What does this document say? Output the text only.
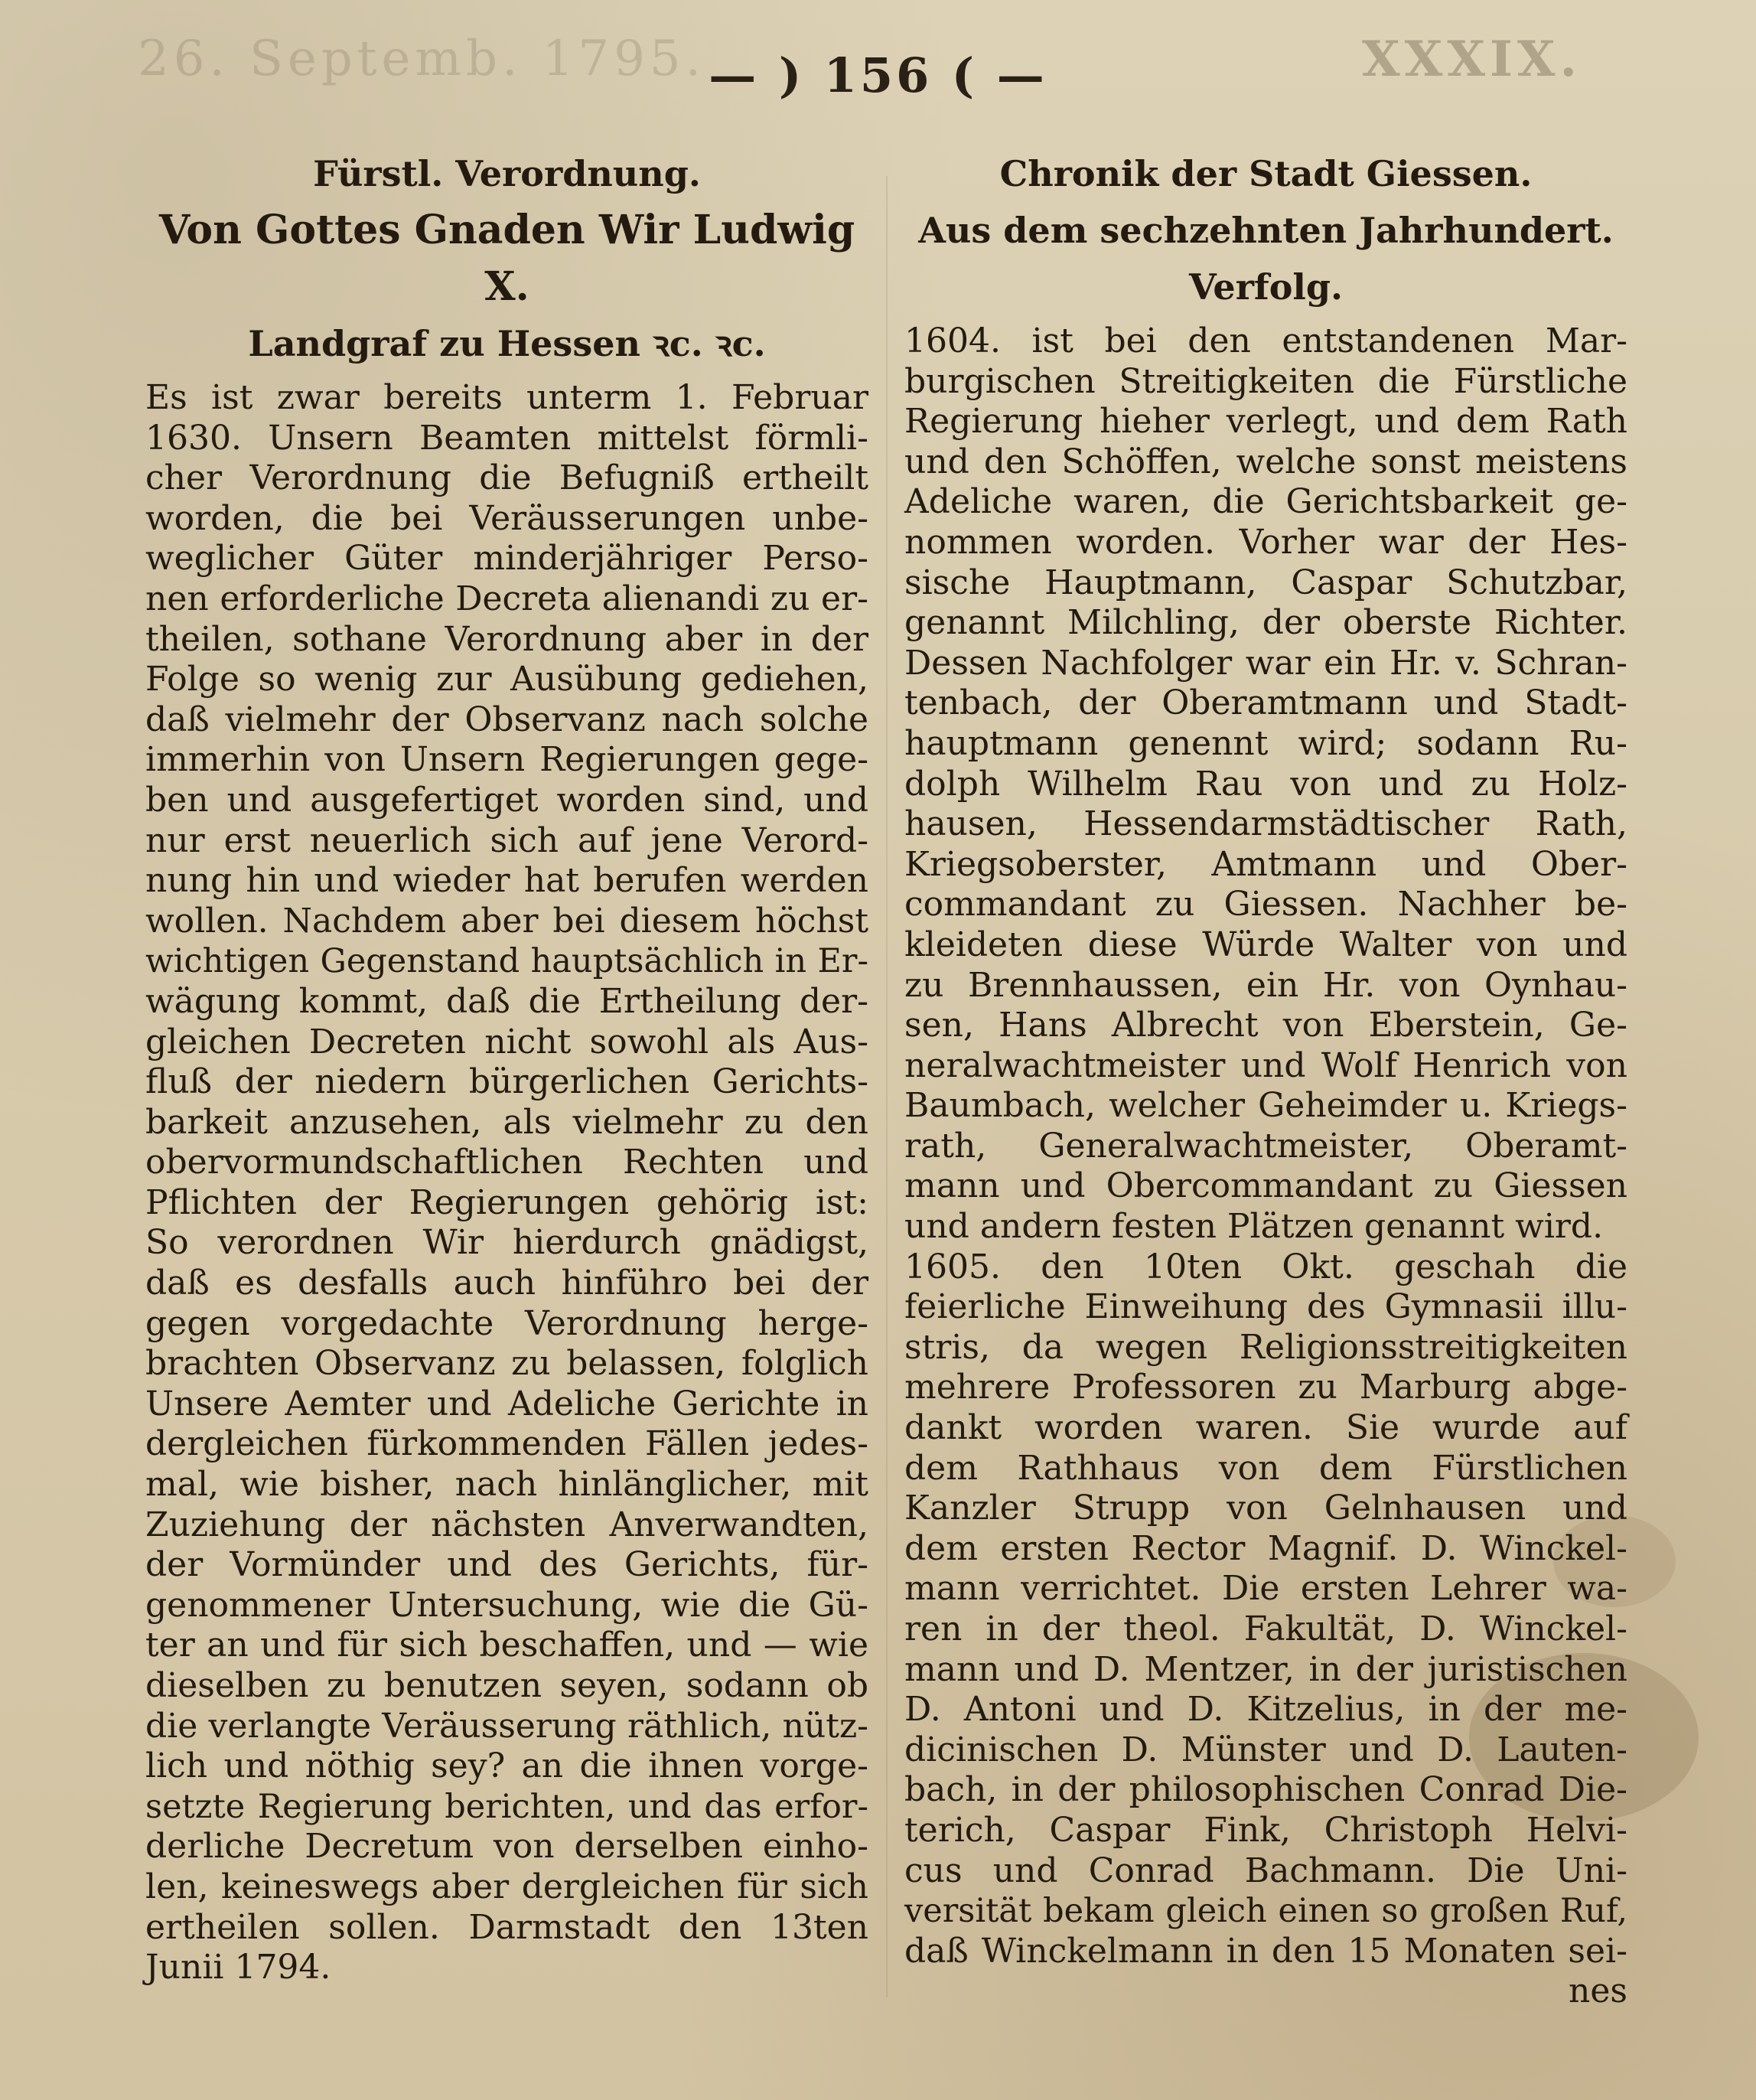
26. Septemb. 1795.	XXXIX.
— ) 156 ( —
Fürstl. Verordnung.
Von Gottes Gnaden Wir Ludwig X.
Landgraf zu Hessen ꝛc. ꝛc.
Es ist zwar bereits unterm 1. Februar
1630. Unsern Beamten mittelst förmli-
cher Verordnung die Befugniß ertheilt
worden, die bei Veräusserungen unbe-
weglicher Güter minderjähriger Perso-
nen erforderliche Decreta alienandi zu er-
theilen, sothane Verordnung aber in der
Folge so wenig zur Ausübung gediehen,
daß vielmehr der Observanz nach solche
immerhin von Unsern Regierungen gege-
ben und ausgefertiget worden sind, und
nur erst neuerlich sich auf jene Verord-
nung hin und wieder hat berufen werden
wollen. Nachdem aber bei diesem höchst
wichtigen Gegenstand hauptsächlich in Er-
wägung kommt, daß die Ertheilung der-
gleichen Decreten nicht sowohl als Aus-
fluß der niedern bürgerlichen Gerichts-
barkeit anzusehen, als vielmehr zu den
obervormundschaftlichen Rechten und
Pflichten der Regierungen gehörig ist:
So verordnen Wir hierdurch gnädigst,
daß es desfalls auch hinführo bei der
gegen vorgedachte Verordnung herge-
brachten Observanz zu belassen, folglich
Unsere Aemter und Adeliche Gerichte in
dergleichen fürkommenden Fällen jedes-
mal, wie bisher, nach hinlänglicher, mit
Zuziehung der nächsten Anverwandten,
der Vormünder und des Gerichts, für-
genommener Untersuchung, wie die Gü-
ter an und für sich beschaffen, und — wie
dieselben zu benutzen seyen, sodann ob
die verlangte Veräusserung räthlich, nütz-
lich und nöthig sey? an die ihnen vorge-
setzte Regierung berichten, und das erfor-
derliche Decretum von derselben einho-
len, keineswegs aber dergleichen für sich
ertheilen sollen. Darmstadt den 13ten
Junii 1794.
Chronik der Stadt Giessen.
Aus dem sechzehnten Jahrhundert.
Verfolg.
1604. ist bei den entstandenen Mar-
burgischen Streitigkeiten die Fürstliche
Regierung hieher verlegt, und dem Rath
und den Schöffen, welche sonst meistens
Adeliche waren, die Gerichtsbarkeit ge-
nommen worden. Vorher war der Hes-
sische Hauptmann, Caspar Schutzbar,
genannt Milchling, der oberste Richter.
Dessen Nachfolger war ein Hr. v. Schran-
tenbach, der Oberamtmann und Stadt-
hauptmann genennt wird; sodann Ru-
dolph Wilhelm Rau von und zu Holz-
hausen, Hessendarmstädtischer Rath,
Kriegsoberster, Amtmann und Ober-
commandant zu Giessen. Nachher be-
kleideten diese Würde Walter von und
zu Brennhaussen, ein Hr. von Oynhau-
sen, Hans Albrecht von Eberstein, Ge-
neralwachtmeister und Wolf Henrich von
Baumbach, welcher Geheimder u. Kriegs-
rath, Generalwachtmeister, Oberamt-
mann und Obercommandant zu Giessen
und andern festen Plätzen genannt wird.
1605. den 10ten Okt. geschah die
feierliche Einweihung des Gymnasii illu-
stris, da wegen Religionsstreitigkeiten
mehrere Professoren zu Marburg abge-
dankt worden waren. Sie wurde auf
dem Rathhaus von dem Fürstlichen
Kanzler Strupp von Gelnhausen und
dem ersten Rector Magnif. D. Winckel-
mann verrichtet. Die ersten Lehrer wa-
ren in der theol. Fakultät, D. Winckel-
mann und D. Mentzer, in der juristischen
D. Antoni und D. Kitzelius, in der me-
dicinischen D. Münster und D. Lauten-
bach, in der philosophischen Conrad Die-
terich, Caspar Fink, Christoph Helvi-
cus und Conrad Bachmann. Die Uni-
versität bekam gleich einen so großen Ruf,
daß Winckelmann in den 15 Monaten sei-
nes
